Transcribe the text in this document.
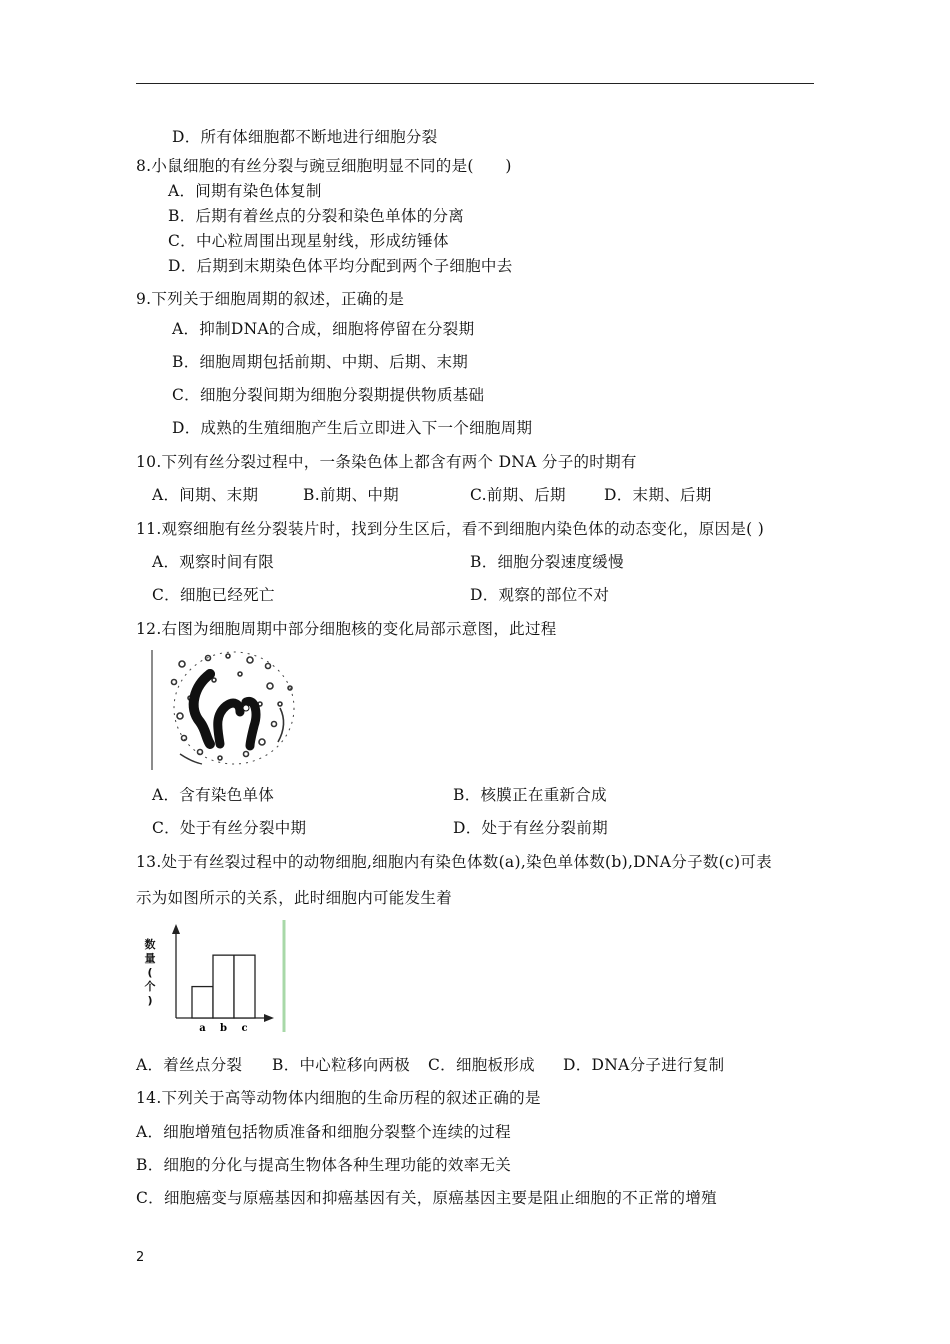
D．所有体细胞都不断地进行细胞分裂
8.小鼠细胞的有丝分裂与豌豆细胞明显不同的是(　　)
A．间期有染色体复制
B．后期有着丝点的分裂和染色单体的分离
C．中心粒周围出现星射线，形成纺锤体
D．后期到末期染色体平均分配到两个子细胞中去
9.下列关于细胞周期的叙述，正确的是
A．抑制DNA的合成，细胞将停留在分裂期
B．细胞周期包括前期、中期、后期、末期
C．细胞分裂间期为细胞分裂期提供物质基础
D．成熟的生殖细胞产生后立即进入下一个细胞周期
10.下列有丝分裂过程中，一条染色体上都含有两个 DNA 分子的时期有
A．间期、末期	B.前期、中期	C.前期、后期 D．末期、后期
11.观察细胞有丝分裂装片时，找到分生区后，看不到细胞内染色体的动态变化，原因是( )
A．观察时间有限	B．细胞分裂速度缓慢
C．细胞已经死亡	D．观察的部位不对
12.右图为细胞周期中部分细胞核的变化局部示意图，此过程
A．含有染色单体	B．核膜正在重新合成
C．处于有丝分裂中期	D．处于有丝分裂前期
13.处于有丝裂过程中的动物细胞,细胞内有染色体数(a),染色单体数(b),DNA分子数(c)可表
示为如图所示的关系，此时细胞内可能发生着
数
量
(
个
)
a b c
A．着丝点分裂 B．中心粒移向两极 C．细胞板形成 D．DNA分子进行复制
14.下列关于高等动物体内细胞的生命历程的叙述正确的是
A．细胞增殖包括物质准备和细胞分裂整个连续的过程
B．细胞的分化与提高生物体各种生理功能的效率无关
C．细胞癌变与原癌基因和抑癌基因有关，原癌基因主要是阻止细胞的不正常的增殖
2
